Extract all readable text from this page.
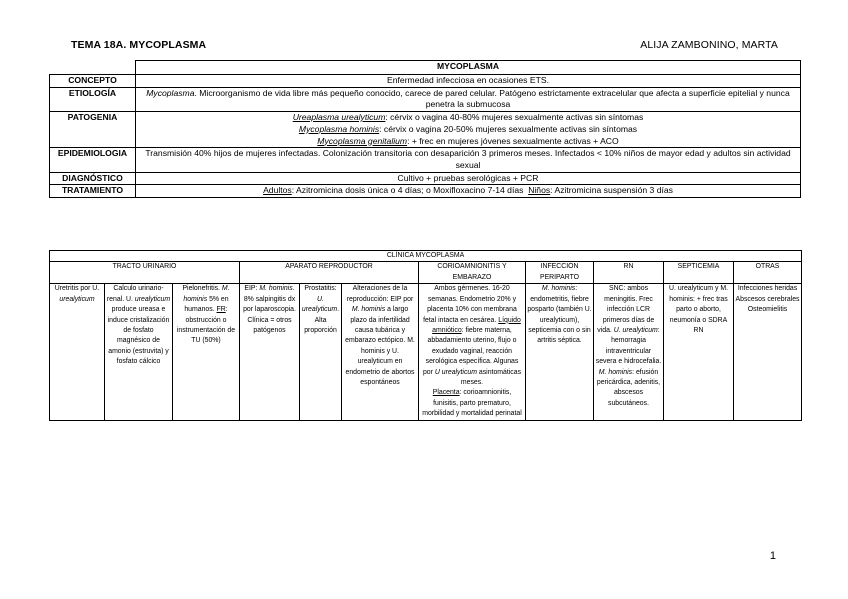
TEMA 18A. MYCOPLASMA	ALIJA ZAMBONINO, MARTA
	MYCOPLASMA
CONCEPTO	Enfermedad infecciosa en ocasiones ETS.
ETIOLOGÍA	Mycoplasma. Microorganismo de vida libre más pequeño conocido, carece de pared celular. Patógeno estrictamente extracelular que afecta a superficie epitelial y nunca penetra la submucosa
PATOGENIA	Ureaplasma urealyticum: cérvix o vagina 40-80% mujeres sexualmente activas sin síntomas
Mycoplasma hominis: cérvix o vagina 20-50% mujeres sexualmente activas sin síntomas
Mycoplasma genitalium: + frec en mujeres jóvenes sexualmente activas + ACO

EPIDEMIOLOGIA	Transmisión 40% hijos de mujeres infectadas. Colonización transitoria con desaparición 3 primeros meses. Infectados < 10% niños de mayor edad y adultos sin actividad sexual
DIAGNÓSTICO	Cultivo + pruebas serológicas + PCR
TRATAMIENTO	Adultos: Azitromicina dosis única o 4 días; o Moxifloxacino 7-14 días Niños: Azitromicina suspensión 3 días
CLÍNICA MYCOPLASMA										
TRACTO URINARIO			APARATO REPRODUCTOR			CORIOAMNIONITIS Y EMBARAZO	INFECCIÓN PERIPARTO	RN	SEPTICEMIA	OTRAS
Uretritis por U. urealyticum	Calculo urinario-renal. U. urealyticum produce ureasa e induce cristalización de fosfato magnésico de amonio (estruvita) y fosfato cálcico	Pielonefritis. M. hominis 5% en humanos. FR: obstrucción o instrumentación de TU (50%)	EIP: M. hominis. 8% salpingitis dx por laparoscopia. Clínica = otros patógenos	Prostatitis: U. urealyticum. Alta proporción	Alteraciones de la reproducción: EIP por M. hominis a largo plazo da infertilidad causa tubárica y embarazo ectópico. M. hominis y U. urealyticum en endometrio de abortos espontáneos	Ambos gérmenes. 16-20 semanas. Endometrio 20% y placenta 10% con membrana fetal intacta en cesárea. Líquido amniótico: fiebre materna, abbadamiento uterino, flujo o exudado vaginal, reacción serológica específica. Algunas por U urealyticum asintomáticas meses.
Placenta: corioamnionitis, funisitis, parto prematuro, morbilidad y mortalidad perinatal	M. hominis: endometritis, fiebre posparto (también U. urealyticum), septicemia con o sin artritis séptica.	SNC: ambos meningitis. Frec infección LCR primeros días de vida. U. urealyticum: hemorragia intraventricular severa e hidrocefalia. M. hominis: efusión pericárdica, adenitis, abscesos subcutáneos.	U. urealyticum y M. hominis: + frec tras parto o aborto, neumonía o SDRA RN	Infecciones heridas Abscesos cerebrales Osteomielitis
1
